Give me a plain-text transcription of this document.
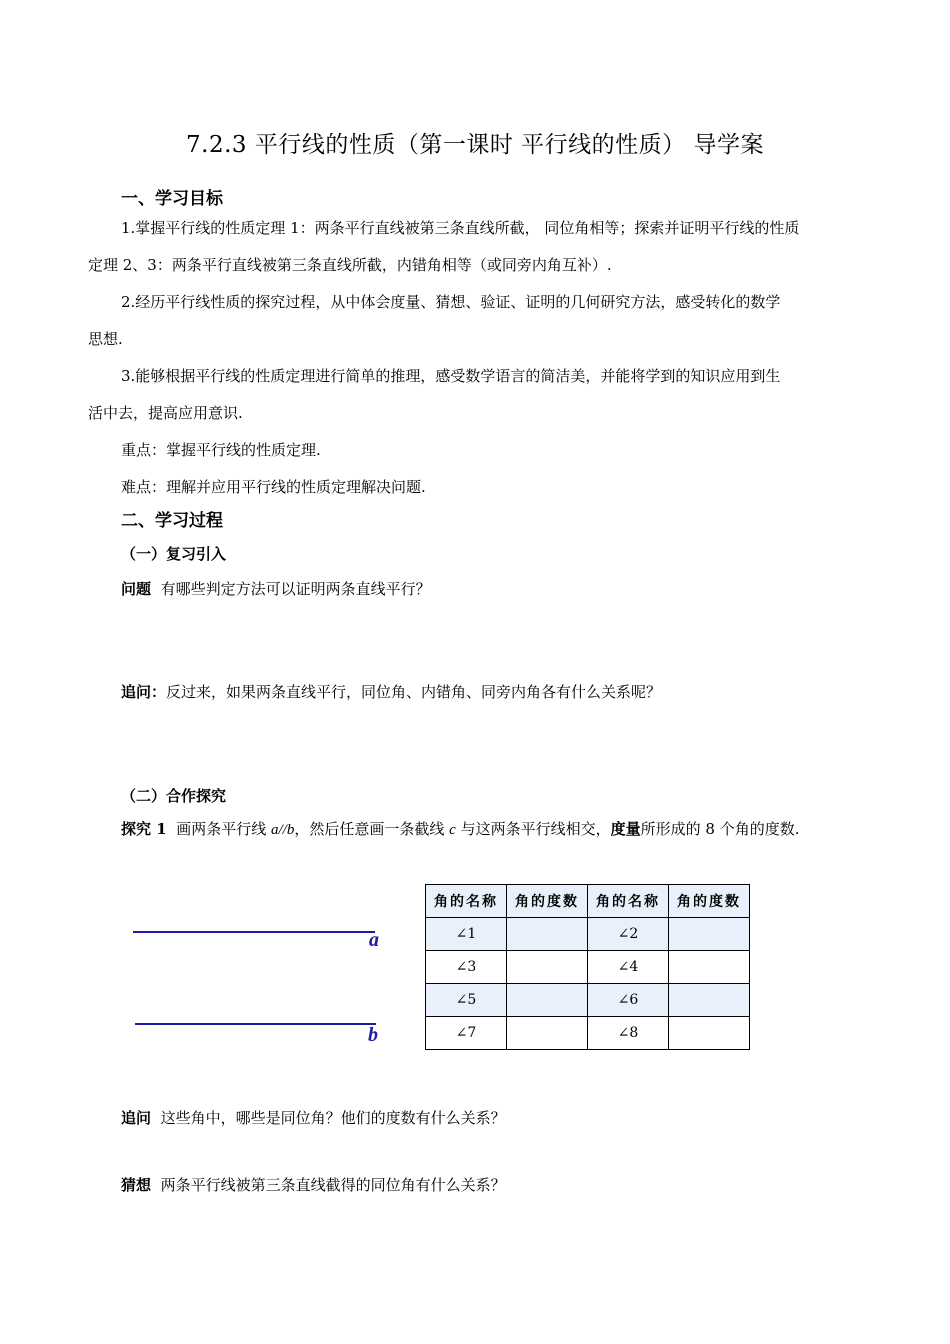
7.2.3 平行线的性质（第一课时 平行线的性质） 导学案
一、学习目标

1.掌握平行线的性质定理 1：两条平行直线被第三条直线所截， 同位角相等；探索并证明平行线的性质

定理 2、3：两条平行直线被第三条直线所截，内错角相等（或同旁内角互补）.

2.经历平行线性质的探究过程，从中体会度量、猜想、验证、证明的几何研究方法，感受转化的数学

思想.

3.能够根据平行线的性质定理进行简单的推理，感受数学语言的简洁美，并能将学到的知识应用到生

活中去，提高应用意识.

重点：掌握平行线的性质定理.

难点：理解并应用平行线的性质定理解决问题.

二、学习过程
（一）复习引入
问题 有哪些判定方法可以证明两条直线平行？
追问：反过来，如果两条直线平行，同位角、内错角、同旁内角各有什么关系呢？
（二）合作探究
探究 1 画两条平行线 a//b，然后任意画一条截线 c 与这两条平行线相交，度量所形成的 8 个角的度数.
a
b
角的名称	角的度数	角的名称	角的度数
∠1		∠2	
∠3		∠4	
∠5		∠6	
∠7		∠8	
追问 这些角中，哪些是同位角？他们的度数有什么关系？
猜想 两条平行线被第三条直线截得的同位角有什么关系？
